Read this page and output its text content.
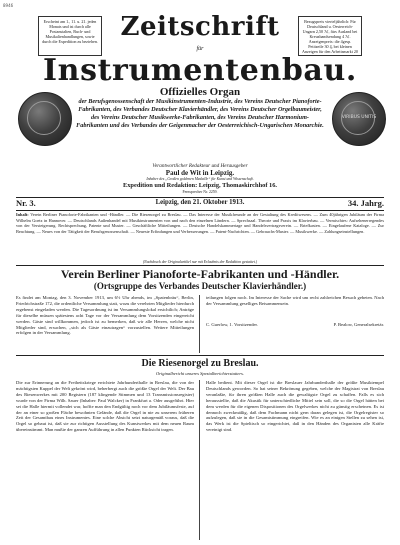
8946
Erscheint am 1., 11. u. 21. jeden Monats und ist durch alle Postanstalten, Buch- und Musikalienhandlungen, sowie durch die Expedition zu beziehen.
Bezugspreis vierteljährlich: Für Deutschland u. Oesterreich-Ungarn 2,50 ℳ, fürs Ausland bei Kreuzbandsendung 4 ℳ. Anzeigenpreis: die 4gesp. Petitzeile 30 ₰, bei kleinen Anzeigen für den Arbeitsmarkt 20
Zeitschrift
für
Instrumentenbau.
VIRIBUS UNITIS
Offizielles Organ
der Berufsgenossenschaft der Musikinstrumenten-Industrie, des Vereins Deutscher Pianoforte-Fabrikanten, des Verbandes Deutscher Klavierhändler, des Vereins Deutscher Orgelbaumeister, des Vereins Deutscher Musikwerke-Fabrikanten, des Vereins Deutscher Harmonium-Fabrikanten und des Verbandes der Geigenmacher der Oesterreichisch-Ungarischen Monarchie.
Verantwortlicher Redakteur und Herausgeber
Paul de Wit in Leipzig.
Inhaber des „Großen goldenen Medaille“ für Kunst und Wissenschaft.
Expedition und Redaktion: Leipzig, Thomaskirchhof 16.
Fernsprecher Nr. 2259.
Nr. 3.	Leipzig, den 21. Oktober 1913.	34. Jahrg.
Inhalt: Verein Berliner Pianoforte-Fabrikanten und -Händler. — Die Riesenorgel zu Breslau. — Das Interesse der Musikfreunde an der Gestaltung des Kreditwesens. — Zum 40jährigen Jubiläum der Firma Wilhelm Goetz in Hannover. — Deutschlands Außenhandel mit Musikinstrumenten von und nach den einzelnen Ländern. — Sprechsaal. Theorie und Praxis im Klavierbau. — Vermischtes: Aufsehenerregendes von der Versteigerung. Rechtsprechung, Patente und Muster. — Geschäftliche Mitteilungen. — Deutsche Handelskammertage und Handelsvertragsverein. — Briefkasten. — Eingelaufene Kataloge. — Zur Beachtung. — Neues von der Tätigkeit der Berufsgenossenschaft. — Neueste Erfindungen und Verbesserungen. — Patent-Nachrichten. — Gebrauchs-Muster. — Musikwerke. — Zahlungseinstellungen.
(Nachdruck der Originalartikel nur mit Erlaubnis der Redaktion gestattet.)
Verein Berliner Pianoforte-Fabrikanten und -Händler.
(Ortsgruppe des Verbandes Deutscher Klavierhändler.)
Es findet am Montag, den 3. November 1913, um 6½ Uhr abends, im „Spatenbräu“, Berlin, Friedrichstraße 172, die ordentliche Versammlung statt, wozu die verehrten Mitglieder hierdurch ergebenst eingeladen werden. Die Tagesordnung ist im Versammlungslokal ersichtlich; Anträge für dieselbe müssen spätestens acht Tage vor der Versammlung dem Vorsitzenden eingereicht werden. Gäste sind willkommen, jedoch ist zu bemerken, daß wir alle Herren, welche nicht Mitglieder sind, ersuchen, „sich als Gäste einzutragen“ vorzustellen. Weitere Mitteilungen erfolgen in der Versammlung.
teilungen folgen noch. Im Interesse der Sache wird um recht zahlreichen Besuch gebeten. Nach der Versammlung geselliges Beisammensein.
C. Guerlow, 1. Vorsitzender.	P. Bealow, Generalsekretär.
Die Riesenorgel zu Breslau.
Originalbericht unseres Spezialberichterstatters.
Die zur Erinnerung an die Freiheitskriege errichtete Jahrhunderthalle in Breslau, die von der mächtigsten Kuppel der Welt gekrönt wird, beherbergt auch die größte Orgel der Welt. Der Bau des Riesenwerkes mit 200 Registern (187 klingende Stimmen und 13 Transmissionsregister) wurde von der Firma Wilh. Sauer (Inhaber: Paul Walcker) in Frankfurt a. Oder ausgeführt. Hier sei die Halle hiermit vollendet war, hoffte man den Endgültig noch vor dem Jubiläumsfeste, auf der an einer so großen Fläche bewohnten Gelände, daß die Orgel in nie zu unserem früheren Zeit der Gesamtbau eines Instrumentes. Eine solche Absicht setzt naturgemäß voraus, daß die Orgel so gebaut ist, daß sie zur richtigen Ausstellung des Kunstwerkes mit dem neuen Raum übereinstimmt. Man mußte der ganzen Aufführung in allen Punkten Rücksicht tragen.
Halle bedient. Mit dieser Orgel ist die Breslauer Jahrhunderthalle der größte Musiktempel Deutschlands geworden. So hat seiner Bekrönung gegeben, welche der Magistrat von Breslau veranlaßte, für ihren größten Halle auch die gewaltigste Orgel zu schaffen. Falls es sich herausstellte, daß die Akustik für unterschiedliche Mittel sein soll, die so die Orgel hätten bei dem werden für die eigenen Dispositionen des Orgelwerkes nicht zu günstig erscheinen. Es ist dennoch zweckmäßig, daß dem Fachmann nicht gern daran gelegen ist, die Orgelregister so aufzulegen, daß sie in die Gesamtstimmung eingreifen. Wie es an einigen Stellen zu sehen ist, das Werk ist die Spieltisch so eingerichtet, daß in den Händen des Organisten alle Kräfte vereinigt sind.
